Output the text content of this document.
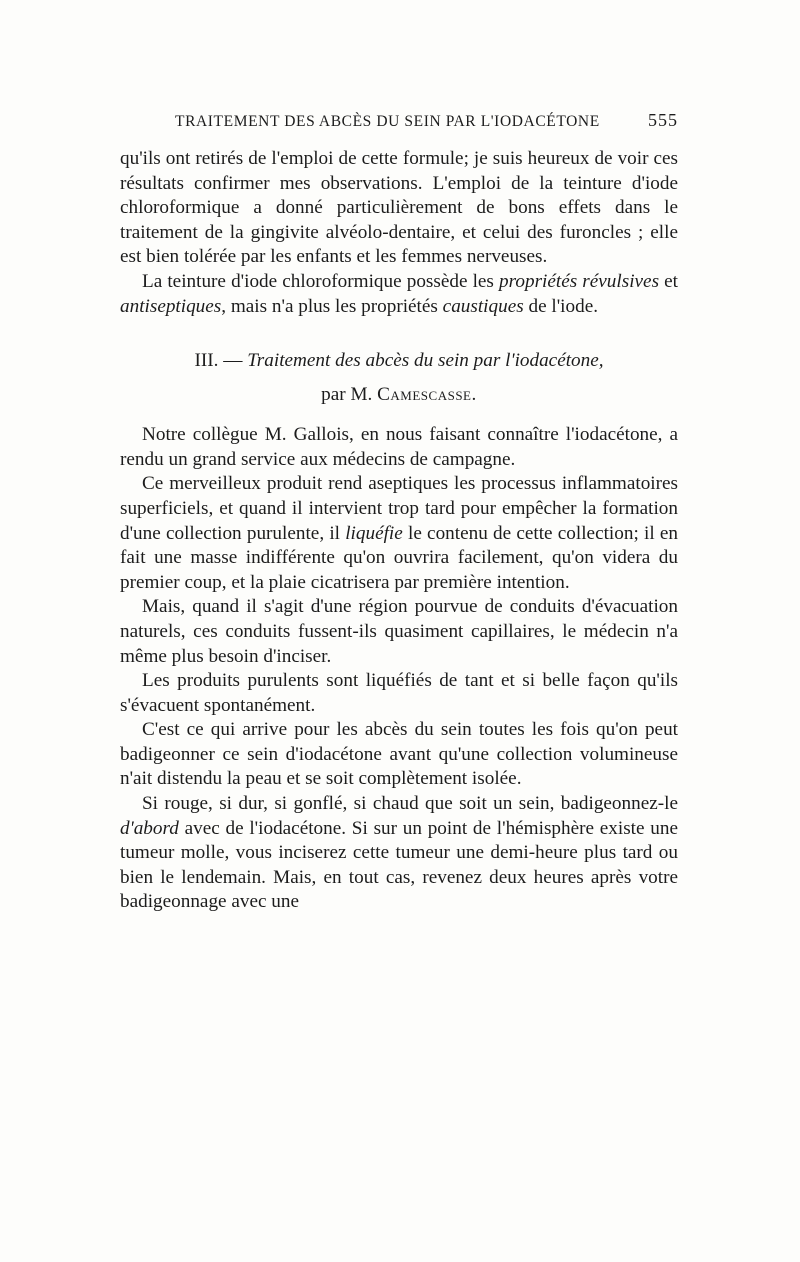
TRAITEMENT DES ABCÈS DU SEIN PAR L'IODACÉTONE	555

qu'ils ont retirés de l'emploi de cette formule; je suis heureux de voir ces résultats confirmer mes observations. L'emploi de la teinture d'iode chloroformique a donné particulièrement de bons effets dans le traitement de la gingivite alvéolo-dentaire, et celui des furoncles ; elle est bien tolérée par les enfants et les femmes nerveuses.

La teinture d'iode chloroformique possède les propriétés révulsives et antiseptiques, mais n'a plus les propriétés caustiques de l'iode.

III. — Traitement des abcès du sein par l'iodacétone,
par M. Camescasse.

Notre collègue M. Gallois, en nous faisant connaître l'iodacétone, a rendu un grand service aux médecins de campagne.

Ce merveilleux produit rend aseptiques les processus inflammatoires superficiels, et quand il intervient trop tard pour empêcher la formation d'une collection purulente, il liquéfie le contenu de cette collection; il en fait une masse indifférente qu'on ouvrira facilement, qu'on videra du premier coup, et la plaie cicatrisera par première intention.

Mais, quand il s'agit d'une région pourvue de conduits d'évacuation naturels, ces conduits fussent-ils quasiment capillaires, le médecin n'a même plus besoin d'inciser.

Les produits purulents sont liquéfiés de tant et si belle façon qu'ils s'évacuent spontanément.

C'est ce qui arrive pour les abcès du sein toutes les fois qu'on peut badigeonner ce sein d'iodacétone avant qu'une collection volumineuse n'ait distendu la peau et se soit complètement isolée.

Si rouge, si dur, si gonflé, si chaud que soit un sein, badigeonnez-le d'abord avec de l'iodacétone. Si sur un point de l'hémisphère existe une tumeur molle, vous inciserez cette tumeur une demi-heure plus tard ou bien le lendemain. Mais, en tout cas, revenez deux heures après votre badigeonnage avec une
